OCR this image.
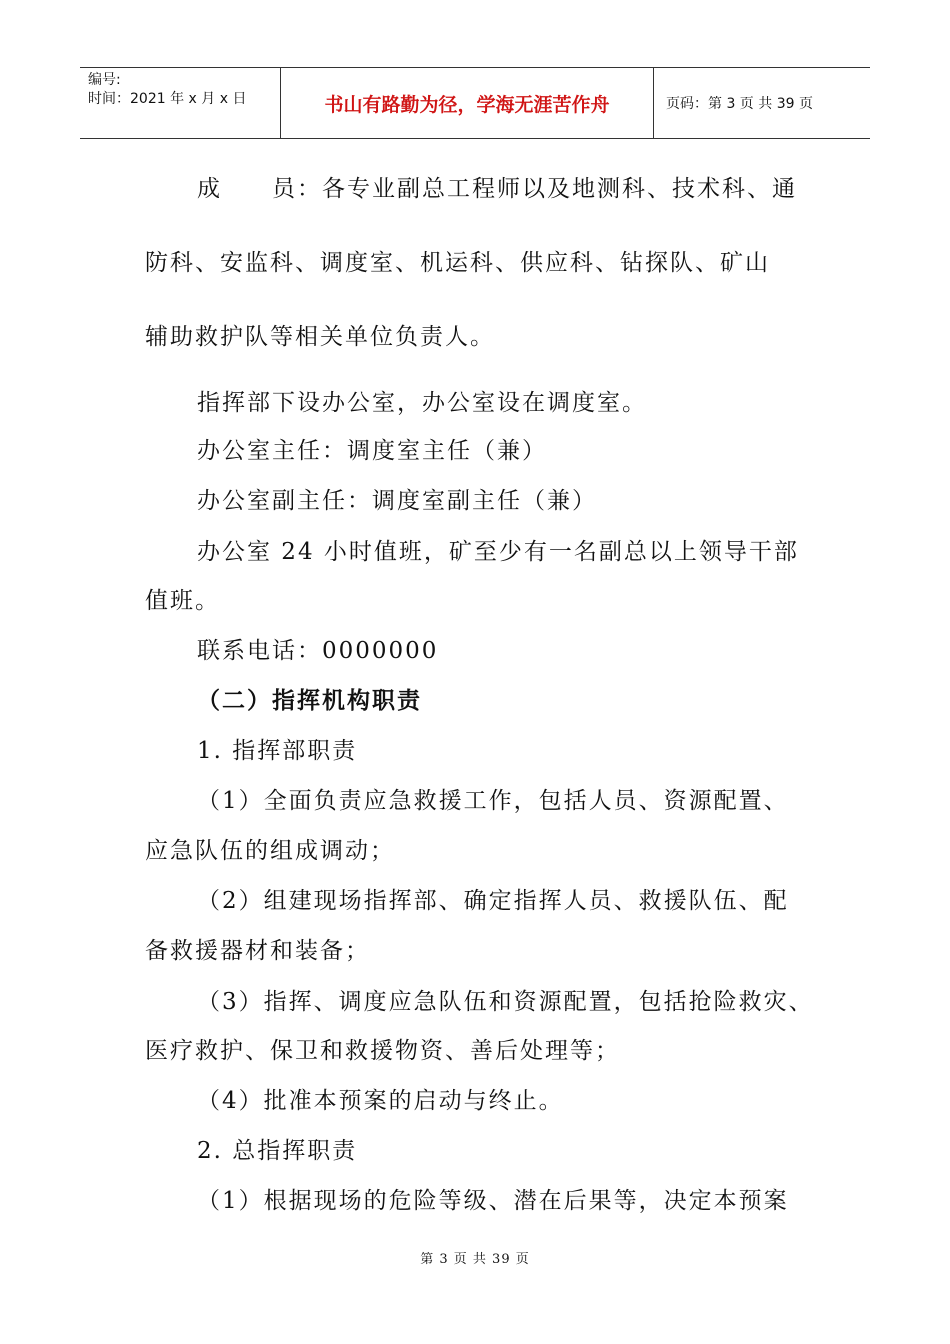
编号:
时间：2021 年 x 月 x 日	书山有路勤为径，学海无涯苦作舟	页码：第 3 页 共 39 页
成　　员：各专业副总工程师以及地测科、技术科、通
防科、安监科、调度室、机运科、供应科、钻探队、矿山
辅助救护队等相关单位负责人。
指挥部下设办公室，办公室设在调度室。
办公室主任：调度室主任（兼）
办公室副主任：调度室副主任（兼）
办公室 24 小时值班，矿至少有一名副总以上领导干部
值班。
联系电话：0000000
（二）指挥机构职责
1. 指挥部职责
（1）全面负责应急救援工作，包括人员、资源配置、
应急队伍的组成调动；
（2）组建现场指挥部、确定指挥人员、救援队伍、配
备救援器材和装备；
（3）指挥、调度应急队伍和资源配置，包括抢险救灾、
医疗救护、保卫和救援物资、善后处理等；
（4）批准本预案的启动与终止。
2. 总指挥职责
（1）根据现场的危险等级、潜在后果等，决定本预案
第 3 页 共 39 页
